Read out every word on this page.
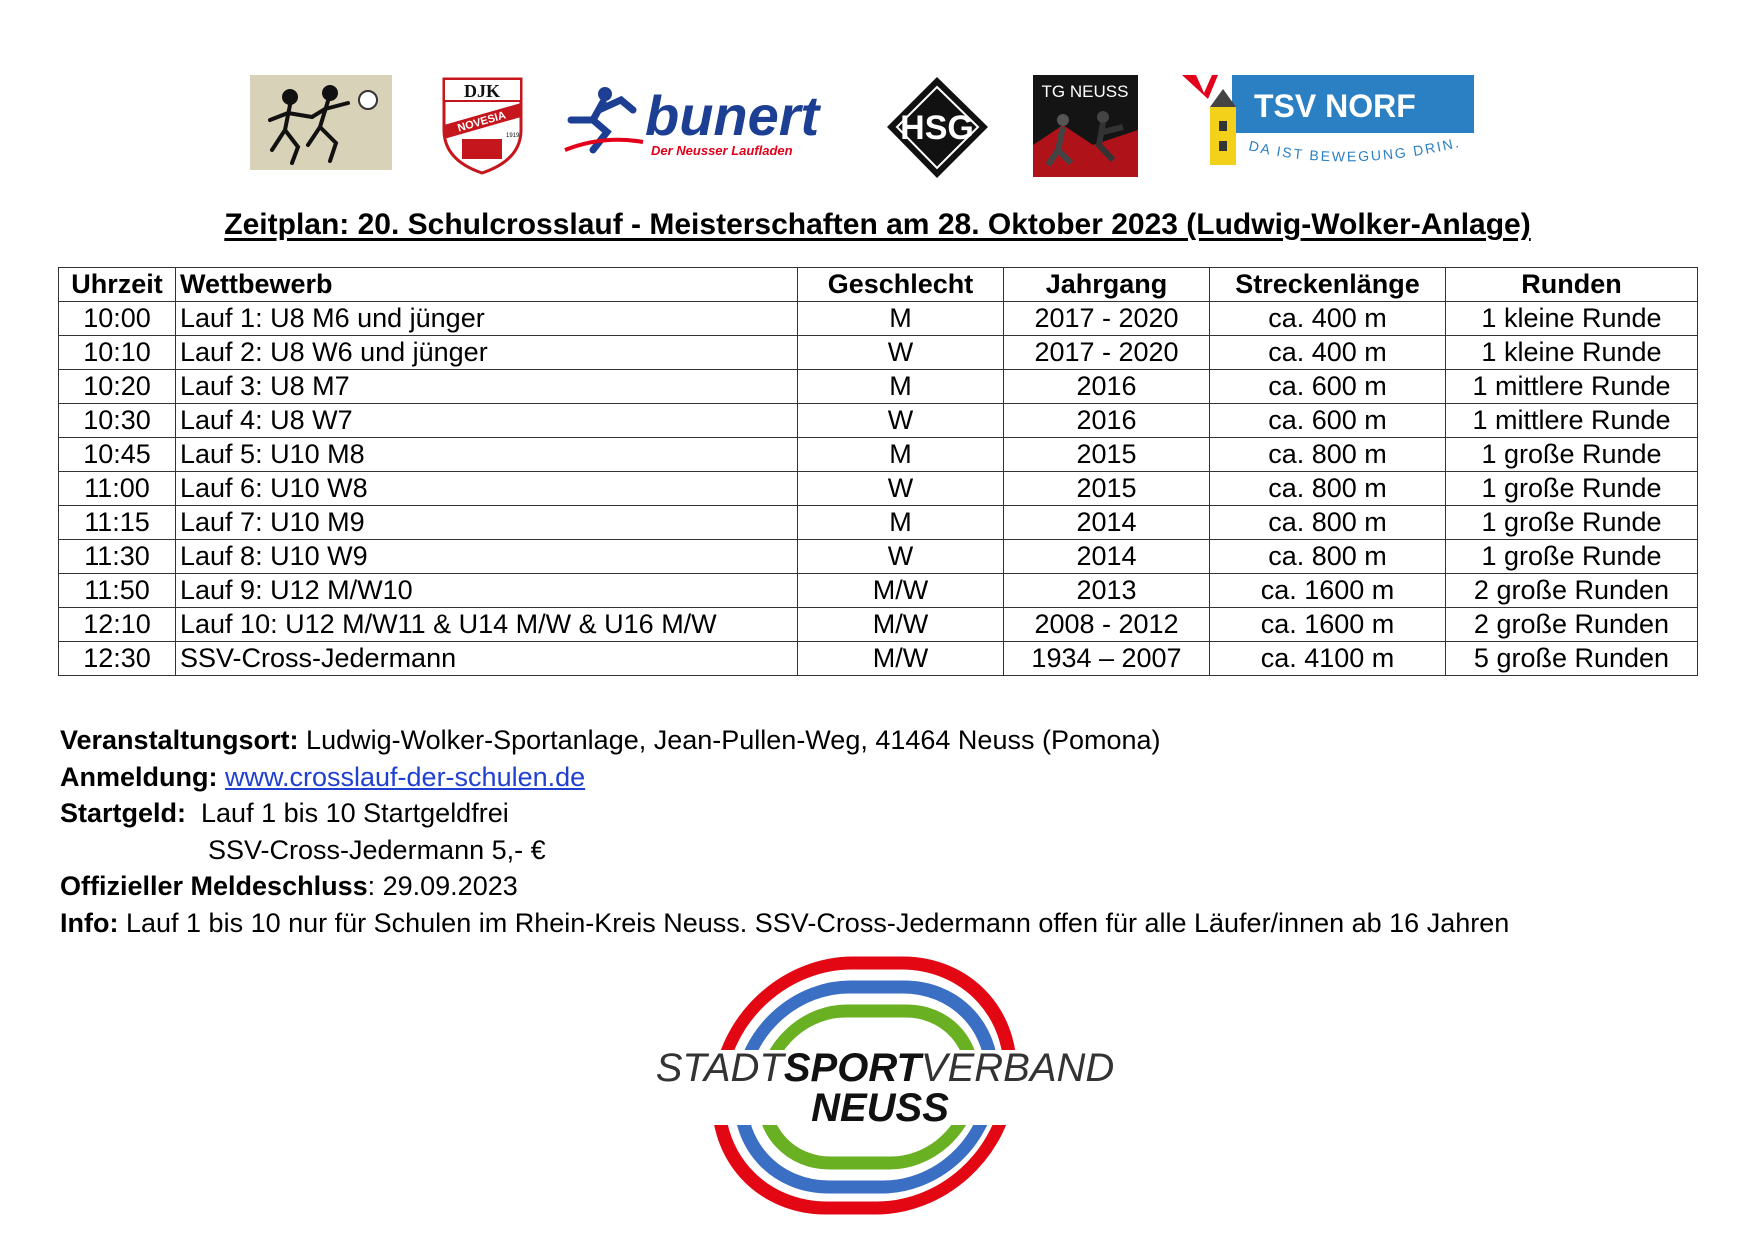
DJK
NOVESIA
1919 bunert
Der Neusser Laufladen
HSG
TG NEUSS	TSV NORF
DA IST BEWEGUNG DRIN.
Zeitplan: 20. Schulcrosslauf - Meisterschaften am 28. Oktober 2023 (Ludwig-Wolker-Anlage)
Uhrzeit	Wettbewerb	Geschlecht	Jahrgang	Streckenlänge	Runden
10:00	Lauf 1: U8 M6 und jünger	M	2017 - 2020	ca. 400 m	1 kleine Runde
10:10	Lauf 2: U8 W6 und jünger	W	2017 - 2020	ca. 400 m	1 kleine Runde
10:20	Lauf 3: U8 M7	M	2016	ca. 600 m	1 mittlere Runde
10:30	Lauf 4: U8 W7	W	2016	ca. 600 m	1 mittlere Runde
10:45	Lauf 5: U10 M8	M	2015	ca. 800 m	1 große Runde
11:00	Lauf 6: U10 W8	W	2015	ca. 800 m	1 große Runde
11:15	Lauf 7: U10 M9	M	2014	ca. 800 m	1 große Runde
11:30	Lauf 8: U10 W9	W	2014	ca. 800 m	1 große Runde
11:50	Lauf 9: U12 M/W10	M/W	2013	ca. 1600 m	2 große Runden
12:10	Lauf 10: U12 M/W11 & U14 M/W & U16 M/W	M/W	2008 - 2012	ca. 1600 m	2 große Runden
12:30	SSV-Cross-Jedermann	M/W	1934 – 2007	ca. 4100 m	5 große Runden
Veranstaltungsort: Ludwig-Wolker-Sportanlage, Jean-Pullen-Weg, 41464 Neuss (Pomona)
Anmeldung: www.crosslauf-der-schulen.de
Startgeld:  Lauf 1 bis 10 Startgeldfrei
SSV-Cross-Jedermann 5,- €
Offizieller Meldeschluss: 29.09.2023
Info: Lauf 1 bis 10 nur für Schulen im Rhein-Kreis Neuss. SSV-Cross-Jedermann offen für alle Läufer/innen ab 16 Jahren
STADTSPORTVERBAND
NEUSS
